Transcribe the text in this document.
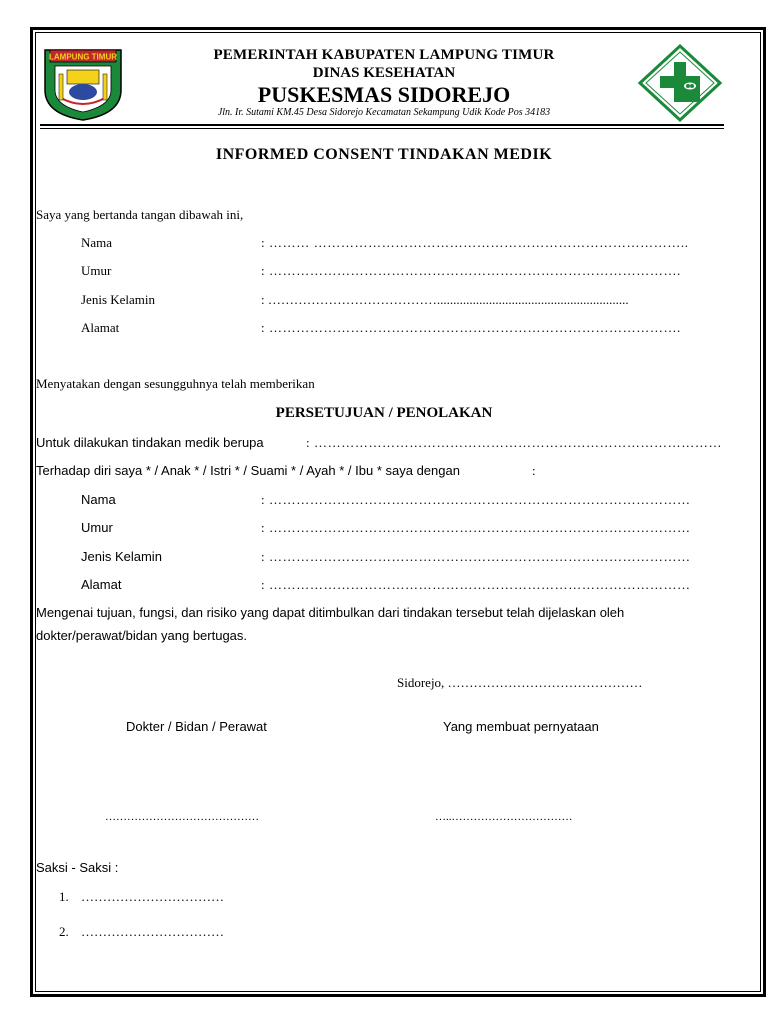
LAMPUNG TIMUR	PEMERINTAH KABUPATEN LAMPUNG TIMUR
DINAS KESEHATAN
PUSKESMAS SIDOREJO
Jln. Ir. Sutami KM.45 Desa Sidorejo Kecamatan Sekampung Udik Kode Pos 34183
INFORMED CONSENT TINDAKAN MEDIK
Saya yang bertanda tangan dibawah ini,
Nama	: ……… ………………………………………………………………………..
Umur	: ……………………………………………………………………………….
Jenis Kelamin	: …………………………………...........................................................
Alamat	: ……………………………………………………………………………….
Menyatakan dengan sesungguhnya telah memberikan
PERSETUJUAN / PENOLAKAN
Untuk dilakukan tindakan medik berupa	: ………………………………………………………………………………
Terhadap diri saya * / Anak * / Istri * / Suami * / Ayah * / Ibu * saya dengan	:
Nama	: …………………………………………………………………………………
Umur	: …………………………………………………………………………………
Jenis Kelamin	: …………………………………………………………………………………
Alamat	: …………………………………………………………………………………
Mengenai tujuan, fungsi, dan risiko yang dapat ditimbulkan dari tindakan tersebut telah dijelaskan oleh
dokter/perawat/bidan yang bertugas.
Sidorejo, ………………………………………
Dokter / Bidan / Perawat	Yang membuat pernyataan
……………………………………	…..……………………………
Saksi - Saksi :
1. ……………………………
2. ……………………………
